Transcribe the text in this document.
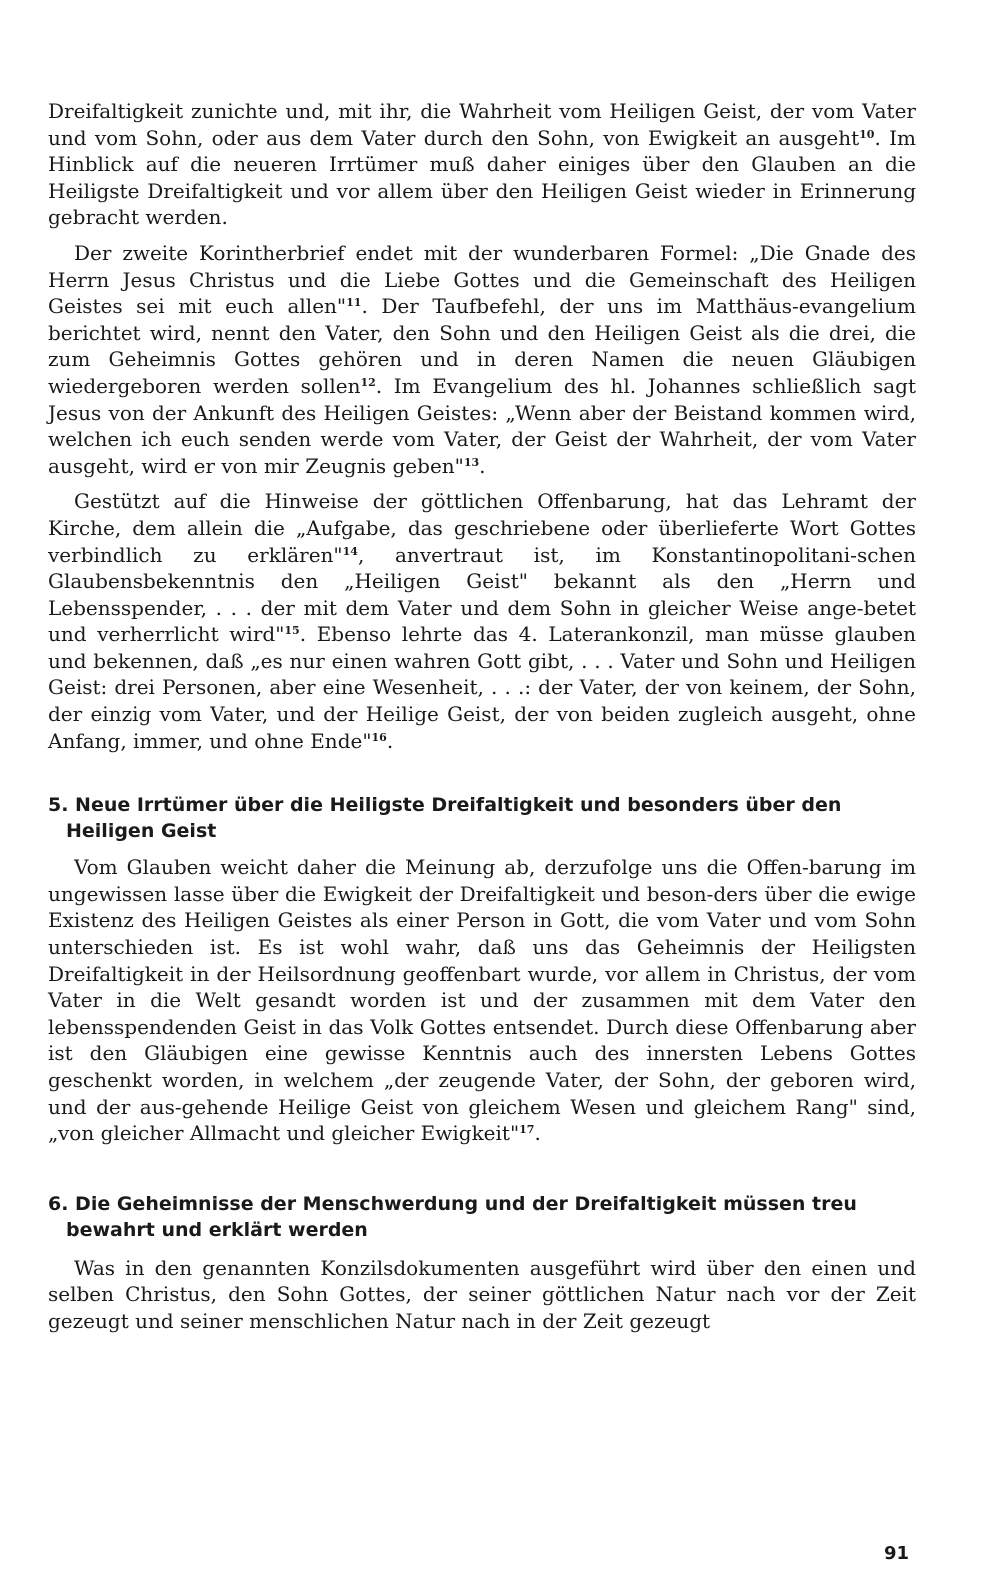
Dreifaltigkeit zunichte und, mit ihr, die Wahrheit vom Heiligen Geist, der vom Vater und vom Sohn, oder aus dem Vater durch den Sohn, von Ewigkeit an ausgeht$^{10}$. Im Hinblick auf die neueren Irrtümer muß daher einiges über den Glauben an die Heiligste Dreifaltigkeit und vor allem über den Heiligen Geist wieder in Erinnerung gebracht werden.

Der zweite Korintherbrief endet mit der wunderbaren Formel: „Die Gnade des Herrn Jesus Christus und die Liebe Gottes und die Gemeinschaft des Heiligen Geistes sei mit euch allen"$^{11}$. Der Taufbefehl, der uns im Matthäus-evangelium berichtet wird, nennt den Vater, den Sohn und den Heiligen Geist als die drei, die zum Geheimnis Gottes gehören und in deren Namen die neuen Gläubigen wiedergeboren werden sollen$^{12}$. Im Evangelium des hl. Johannes schließlich sagt Jesus von der Ankunft des Heiligen Geistes: „Wenn aber der Beistand kommen wird, welchen ich euch senden werde vom Vater, der Geist der Wahrheit, der vom Vater ausgeht, wird er von mir Zeugnis geben"$^{13}$.

Gestützt auf die Hinweise der göttlichen Offenbarung, hat das Lehramt der Kirche, dem allein die „Aufgabe, das geschriebene oder überlieferte Wort Gottes verbindlich zu erklären"$^{14}$, anvertraut ist, im Konstantinopolitani-schen Glaubensbekenntnis den „Heiligen Geist" bekannt als den „Herrn und Lebensspender, . . . der mit dem Vater und dem Sohn in gleicher Weise ange-betet und verherrlicht wird"$^{15}$. Ebenso lehrte das 4. Laterankonzil, man müsse glauben und bekennen, daß „es nur einen wahren Gott gibt, . . . Vater und Sohn und Heiligen Geist: drei Personen, aber eine Wesenheit, . . .: der Vater, der von keinem, der Sohn, der einzig vom Vater, und der Heilige Geist, der von beiden zugleich ausgeht, ohne Anfang, immer, und ohne Ende"$^{16}$.

5. Neue Irrtümer über die Heiligste Dreifaltigkeit und besonders über den Heiligen Geist

Vom Glauben weicht daher die Meinung ab, derzufolge uns die Offen-barung im ungewissen lasse über die Ewigkeit der Dreifaltigkeit und beson-ders über die ewige Existenz des Heiligen Geistes als einer Person in Gott, die vom Vater und vom Sohn unterschieden ist. Es ist wohl wahr, daß uns das Geheimnis der Heiligsten Dreifaltigkeit in der Heilsordnung geoffenbart wurde, vor allem in Christus, der vom Vater in die Welt gesandt worden ist und der zusammen mit dem Vater den lebensspendenden Geist in das Volk Gottes entsendet. Durch diese Offenbarung aber ist den Gläubigen eine gewisse Kenntnis auch des innersten Lebens Gottes geschenkt worden, in welchem „der zeugende Vater, der Sohn, der geboren wird, und der aus-gehende Heilige Geist von gleichem Wesen und gleichem Rang" sind, „von gleicher Allmacht und gleicher Ewigkeit"$^{17}$.

6. Die Geheimnisse der Menschwerdung und der Dreifaltigkeit müssen treu bewahrt und erklärt werden

Was in den genannten Konzilsdokumenten ausgeführt wird über den einen und selben Christus, den Sohn Gottes, der seiner göttlichen Natur nach vor der Zeit gezeugt und seiner menschlichen Natur nach in der Zeit gezeugt

91
